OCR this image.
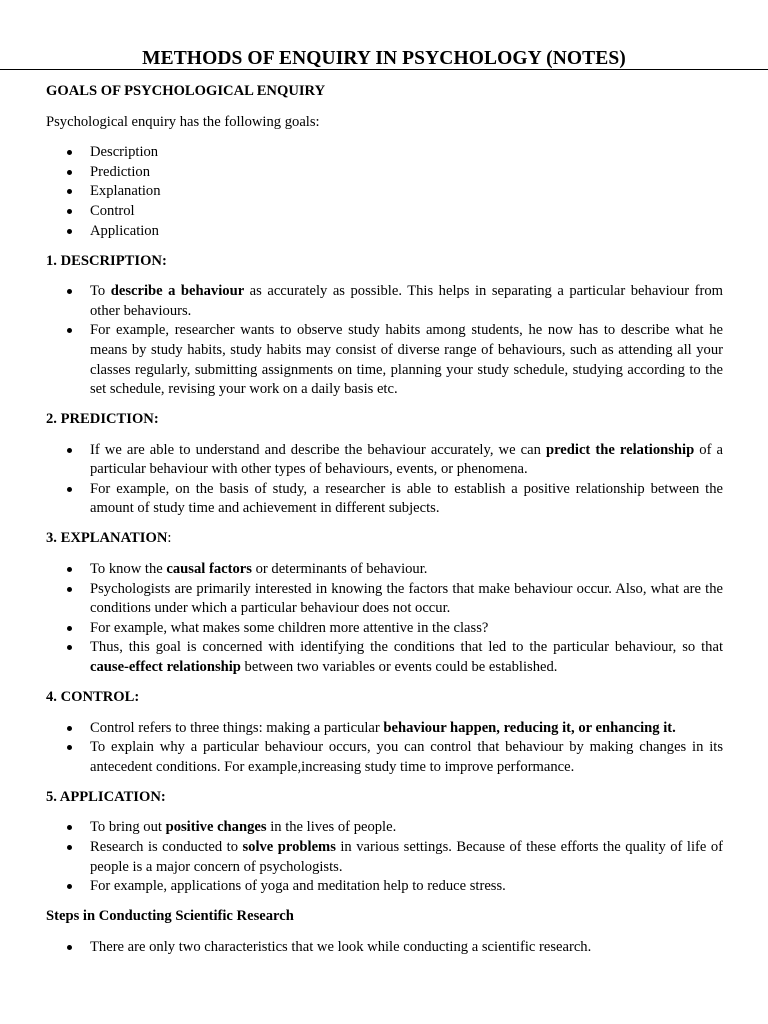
METHODS OF ENQUIRY IN PSYCHOLOGY (NOTES)

GOALS OF PSYCHOLOGICAL ENQUIRY

Psychological enquiry has the following goals:

Description
Prediction
Explanation
Control
Application

1. DESCRIPTION:

To describe a behaviour as accurately as possible. This helps in separating a particular behaviour from other behaviours.
For example, researcher wants to observe study habits among students, he now has to describe what he means by study habits, study habits may consist of diverse range of behaviours, such as attending all your classes regularly, submitting assignments on time, planning your study schedule, studying according to the set schedule, revising your work on a daily basis etc.

2. PREDICTION:

If we are able to understand and describe the behaviour accurately, we can predict the relationship of a particular behaviour with other types of behaviours, events, or phenomena.
For example, on the basis of study, a researcher is able to establish a positive relationship between the amount of study time and achievement in different subjects.

3. EXPLANATION:

To know the causal factors or determinants of behaviour.
Psychologists are primarily interested in knowing the factors that make behaviour occur. Also, what are the conditions under which a particular behaviour does not occur.
For example, what makes some children more attentive in the class?
Thus, this goal is concerned with identifying the conditions that led to the particular behaviour, so that cause-effect relationship between two variables or events could be established.

4. CONTROL:

Control refers to three things: making a particular behaviour happen, reducing it, or enhancing it.
To explain why a particular behaviour occurs, you can control that behaviour by making changes in its antecedent conditions. For example,increasing study time to improve performance.

5. APPLICATION:

To bring out positive changes in the lives of people.
Research is conducted to solve problems in various settings. Because of these efforts the quality of life of people is a major concern of psychologists.
For example, applications of yoga and meditation help to reduce stress.

Steps in Conducting Scientific Research

There are only two characteristics that we look while conducting a scientific research.
